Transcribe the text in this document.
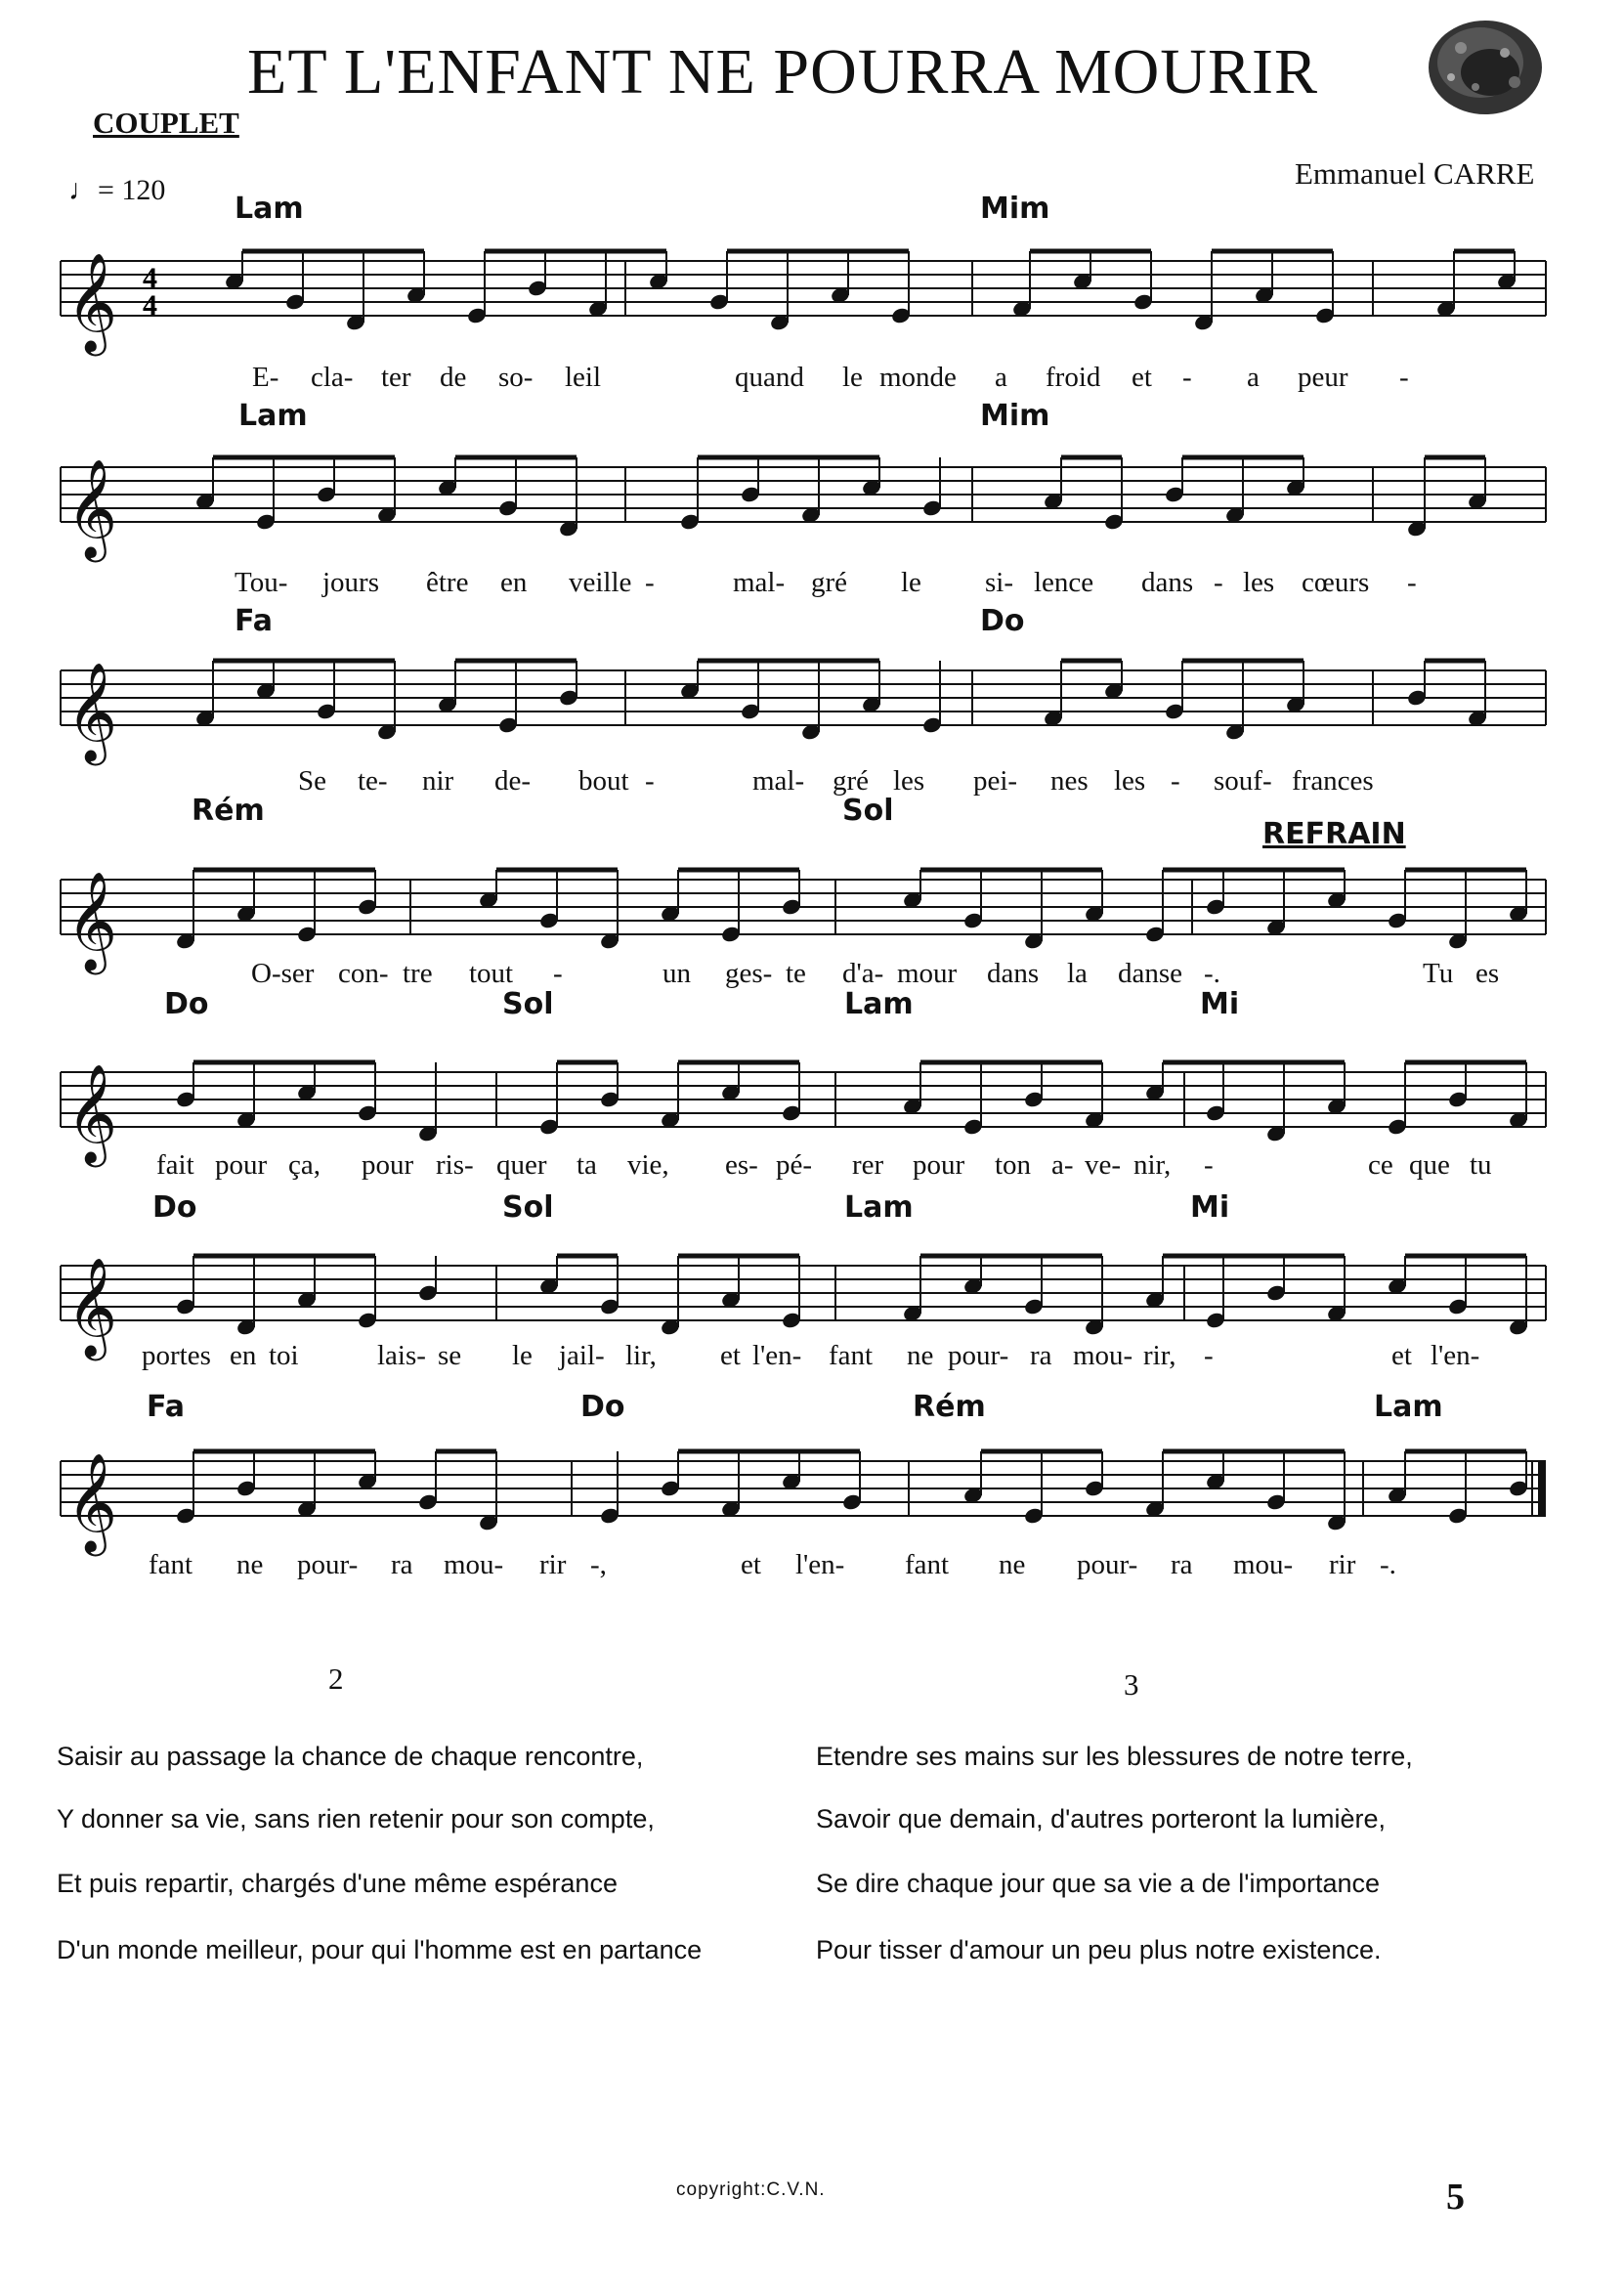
ET L'ENFANT NE POURRA MOURIR
COUPLET
Emmanuel CARRE
♩= 120
𝄞 4
4
𝄞
𝄞
𝄞
𝄞
𝄞
𝄞
Lam	Mim
Lam	Mim
Fa	Do
Rém	Sol
Do	Sol	Lam	Mi
Do	Sol	Lam	Mi
Fa	Do	Rém	Lam
E- cla- ter de so- leil	quand le monde a froid et - a peur -
Tou- jours être en veille -	mal- gré le si- lence dans - les cœurs -
Se te- nir de- bout -	mal- gré les pei- nes les - souf- frances
O-ser con- tre tout -	un ges- te d'a- mour dans la danse -.	Tu es
fait pour ça, pour ris- quer ta vie, es- pé- rer pour ton a- ve- nir, -	ce que tu
portes en toi	lais- se le jail- lir, et l'en- fant ne pour- ra mou- rir, -	et l'en-
fant ne pour- ra mou- rir -,	et l'en- fant ne pour- ra mou- rir -.
REFRAIN
2	3
Saisir au passage la chance de chaque rencontre,
Y donner sa vie, sans rien retenir pour son compte,
Et puis repartir, chargés d'une même espérance
D'un monde meilleur, pour qui l'homme est en partance
Etendre ses mains sur les blessures de notre terre,
Savoir que demain, d'autres porteront la lumière,
Se dire chaque jour que sa vie a de l'importance
Pour tisser d'amour un peu plus notre existence.
copyright:C.V.N.	5
